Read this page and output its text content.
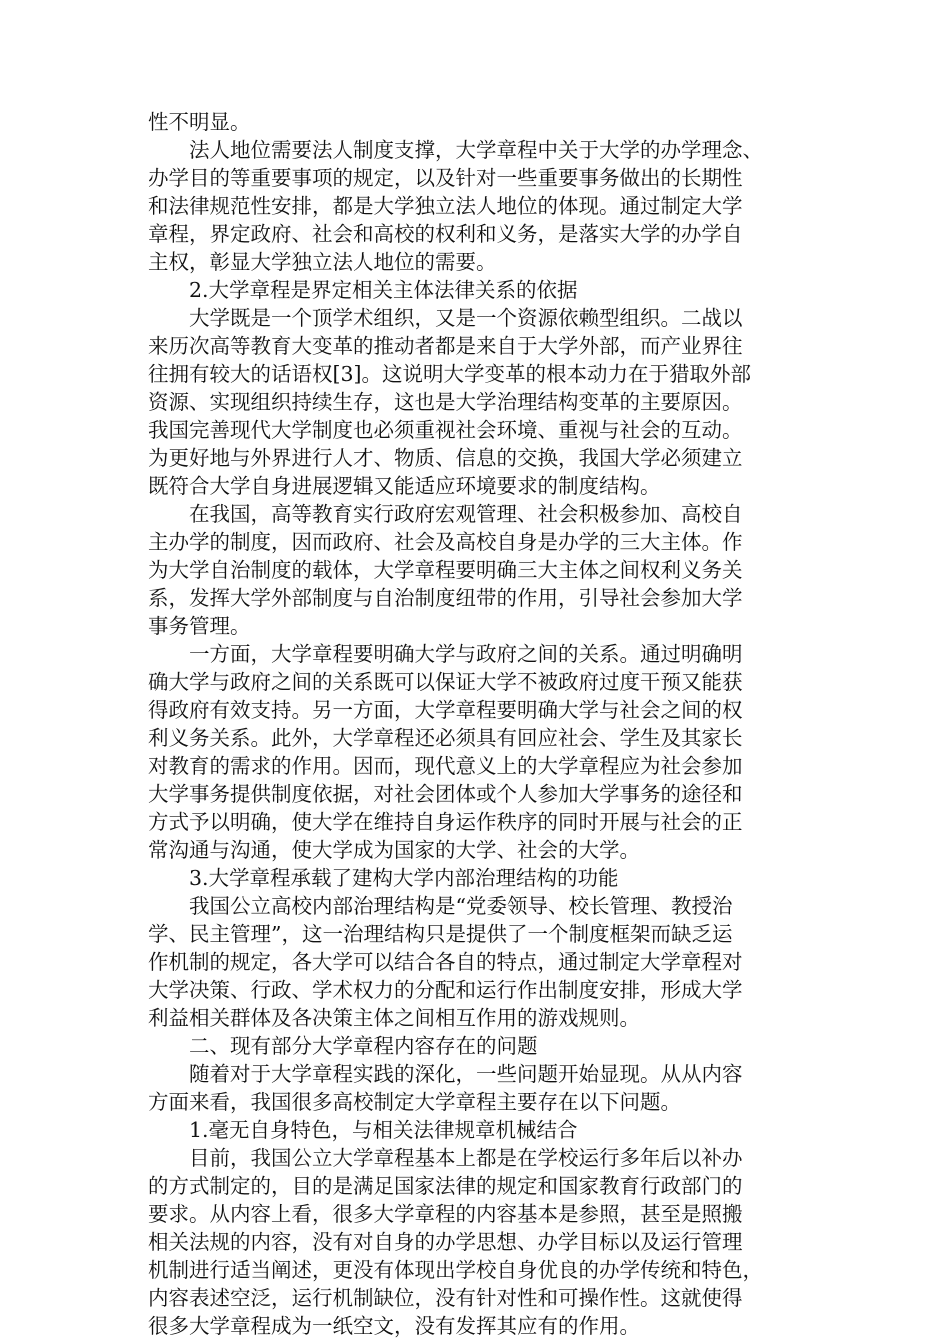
性不明显。
法人地位需要法人制度支撑，大学章程中关于大学的办学理念、
办学目的等重要事项的规定，以及针对一些重要事务做出的长期性
和法律规范性安排，都是大学独立法人地位的体现。通过制定大学
章程，界定政府、社会和高校的权利和义务，是落实大学的办学自
主权，彰显大学独立法人地位的需要。
2.大学章程是界定相关主体法律关系的依据
大学既是一个顶学术组织，又是一个资源依赖型组织。二战以
来历次高等教育大变革的推动者都是来自于大学外部，而产业界往
往拥有较大的话语权[3]。这说明大学变革的根本动力在于猎取外部
资源、实现组织持续生存，这也是大学治理结构变革的主要原因。
我国完善现代大学制度也必须重视社会环境、重视与社会的互动。
为更好地与外界进行人才、物质、信息的交换，我国大学必须建立
既符合大学自身进展逻辑又能适应环境要求的制度结构。
在我国，高等教育实行政府宏观管理、社会积极参加、高校自
主办学的制度，因而政府、社会及高校自身是办学的三大主体。作
为大学自治制度的载体，大学章程要明确三大主体之间权利义务关
系，发挥大学外部制度与自治制度纽带的作用，引导社会参加大学
事务管理。
一方面，大学章程要明确大学与政府之间的关系。通过明确明
确大学与政府之间的关系既可以保证大学不被政府过度干预又能获
得政府有效支持。另一方面，大学章程要明确大学与社会之间的权
利义务关系。此外，大学章程还必须具有回应社会、学生及其家长
对教育的需求的作用。因而，现代意义上的大学章程应为社会参加
大学事务提供制度依据，对社会团体或个人参加大学事务的途径和
方式予以明确，使大学在维持自身运作秩序的同时开展与社会的正
常沟通与沟通，使大学成为国家的大学、社会的大学。
3.大学章程承载了建构大学内部治理结构的功能
我国公立高校内部治理结构是“党委领导、校长管理、教授治
学、民主管理”，这一治理结构只是提供了一个制度框架而缺乏运
作机制的规定，各大学可以结合各自的特点，通过制定大学章程对
大学决策、行政、学术权力的分配和运行作出制度安排，形成大学
利益相关群体及各决策主体之间相互作用的游戏规则。
二、现有部分大学章程内容存在的问题
随着对于大学章程实践的深化，一些问题开始显现。从从内容
方面来看，我国很多高校制定大学章程主要存在以下问题。
1.毫无自身特色，与相关法律规章机械结合
目前，我国公立大学章程基本上都是在学校运行多年后以补办
的方式制定的，目的是满足国家法律的规定和国家教育行政部门的
要求。从内容上看，很多大学章程的内容基本是参照，甚至是照搬
相关法规的内容，没有对自身的办学思想、办学目标以及运行管理
机制进行适当阐述，更没有体现出学校自身优良的办学传统和特色，
内容表述空泛，运行机制缺位，没有针对性和可操作性。这就使得
很多大学章程成为一纸空文，没有发挥其应有的作用。
